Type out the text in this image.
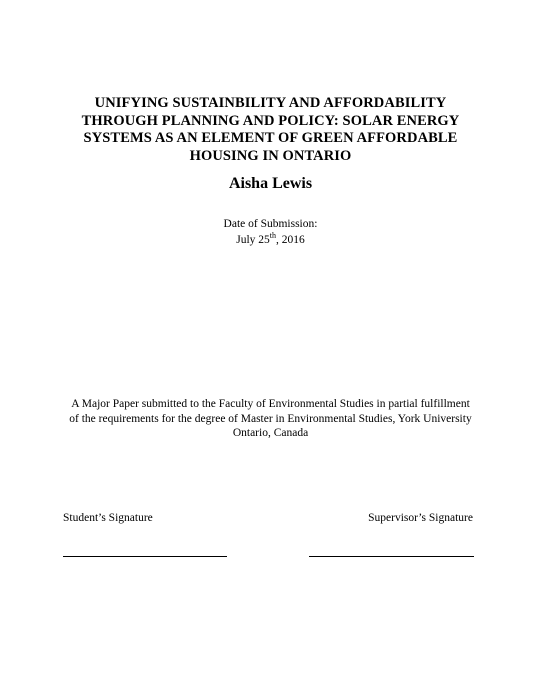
UNIFYING SUSTAINBILITY AND AFFORDABILITY
THROUGH PLANNING AND POLICY: SOLAR ENERGY
SYSTEMS AS AN ELEMENT OF GREEN AFFORDABLE
HOUSING IN ONTARIO
Aisha Lewis
Date of Submission:
July 25th, 2016
A Major Paper submitted to the Faculty of Environmental Studies in partial fulfillment
of the requirements for the degree of Master in Environmental Studies, York University
Ontario, Canada
Student’s Signature	Supervisor’s Signature
